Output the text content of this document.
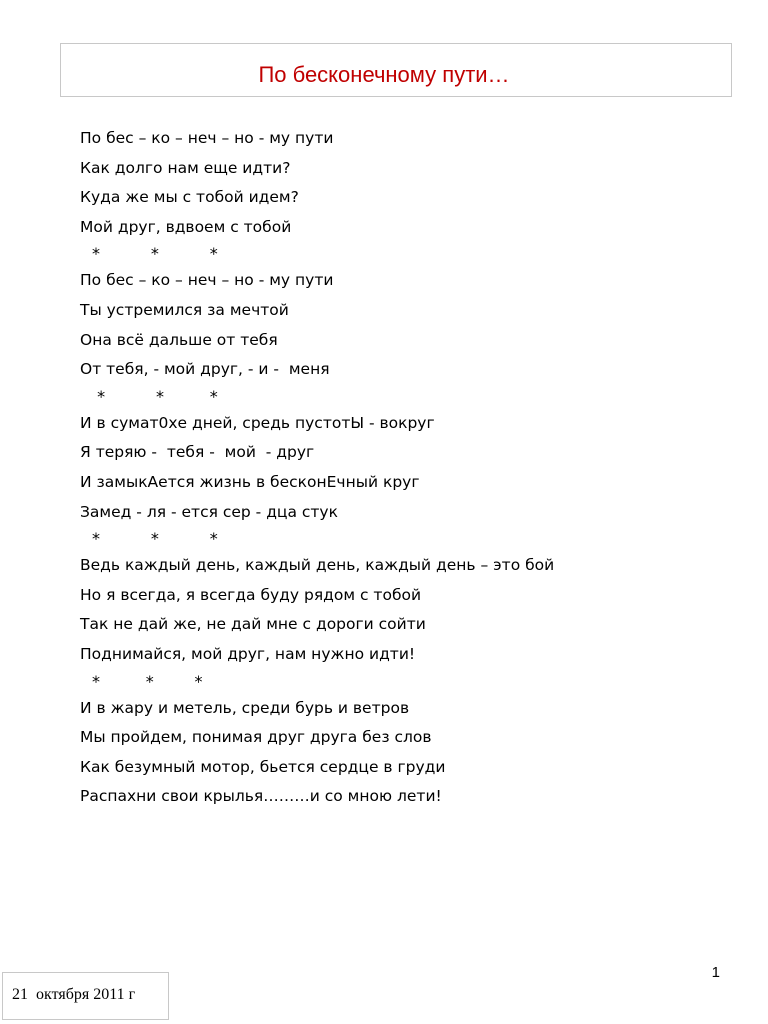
По бесконечному пути…
По бес – ко – неч – но - му пути
Как долго нам еще идти?
Куда же мы с тобой идем?
Мой друг, вдвоем с тобой
*          *          *
По бес – ко – неч – но - му пути
Ты устремился за мечтой
Она всё дальше от тебя
От тебя, - мой друг, - и -  меня
*          *         *
И в сумат0хе дней, средь пустотЫ - вокруг
Я теряю -  тебя -  мой  - друг
И замыкАется жизнь в бесконЕчный круг
Замед - ля - ется сер - дца стук
*          *          *
Ведь каждый день, каждый день, каждый день – это бой
Но я всегда, я всегда буду рядом с тобой
Так не дай же, не дай мне с дороги сойти
Поднимайся, мой друг, нам нужно идти!
*         *        *
И в жару и метель, среди бурь и ветров
Мы пройдем, понимая друг друга без слов
Как безумный мотор, бьется сердце в груди
Распахни свои крылья………и со мною лети!
1
21  октября 2011 г
